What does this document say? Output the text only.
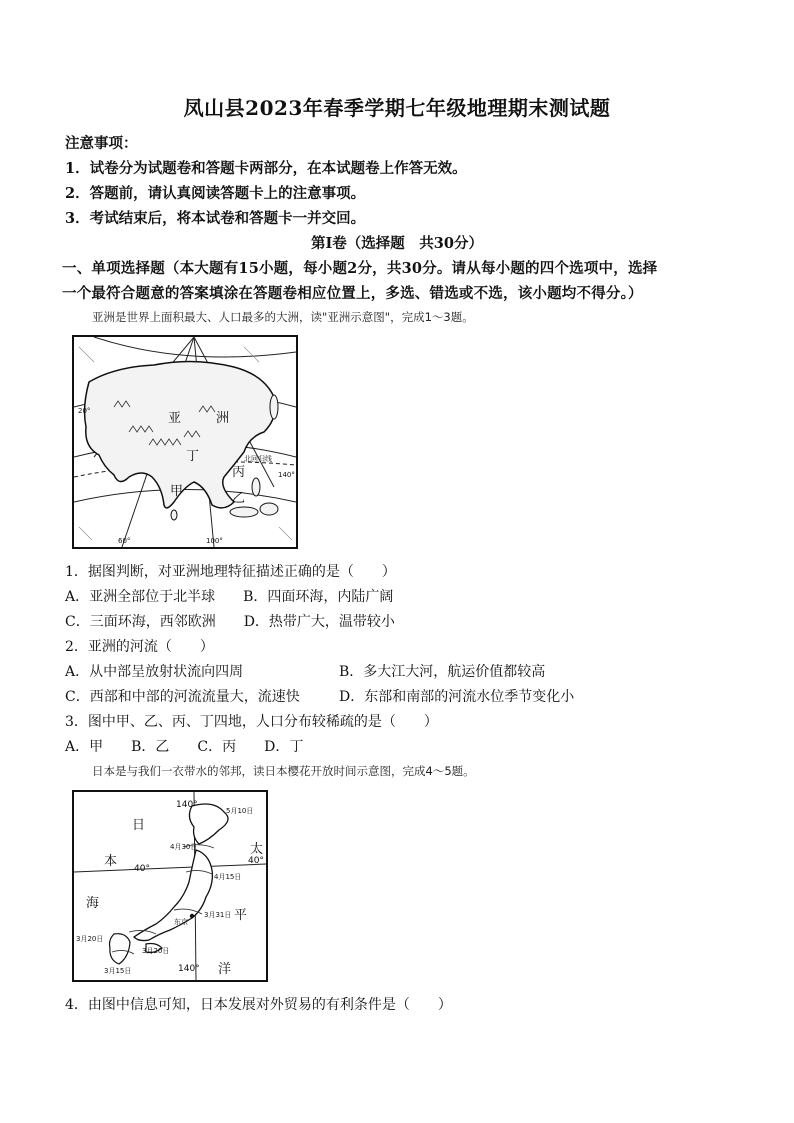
凤山县2023年春季学期七年级地理期末测试题
注意事项：
1．试卷分为试题卷和答题卡两部分，在本试题卷上作答无效。
2．答题前，请认真阅读答题卡上的注意事项。
3．考试结束后，将本试卷和答题卡一并交回。
第Ⅰ卷（选择题　共30分）
一、单项选择题（本大题有15小题，每小题2分，共30分。请从每小题的四个选项中，选择
一个最符合题意的答案填涂在答题卷相应位置上，多选、错选或不选，该小题均不得分。）
亚洲是世界上面积最大、人口最多的大洲，读"亚洲示意图"，完成1～3题。
亚	洲
丁
丙
甲	乙
20°
140°
北回归线
60°	100°
1．据图判断，对亚洲地理特征描述正确的是（　　）
A．亚洲全部位于北半球　　B．四面环海，内陆广阔
C．三面环海，西邻欧洲　　D．热带广大，温带较小
2．亚洲的河流（　　）
A．从中部呈放射状流向四周	B．多大江大河，航运价值都较高
C．西部和中部的河流流量大，流速快	D．东部和南部的河流水位季节变化小
3．图中甲、乙、丙、丁四地，人口分布较稀疏的是（　　）
A．甲　　B．乙　　C．丙　　D．丁
日本是与我们一衣带水的邻邦，读日本樱花开放时间示意图，完成4～5题。
日
本
海
太
平
洋
140°
140°
40°
40°
5月10日
4月30日
4月15日
3月31日
东京
3月20日
3月20日
3月15日
4．由图中信息可知，日本发展对外贸易的有利条件是（　　）
